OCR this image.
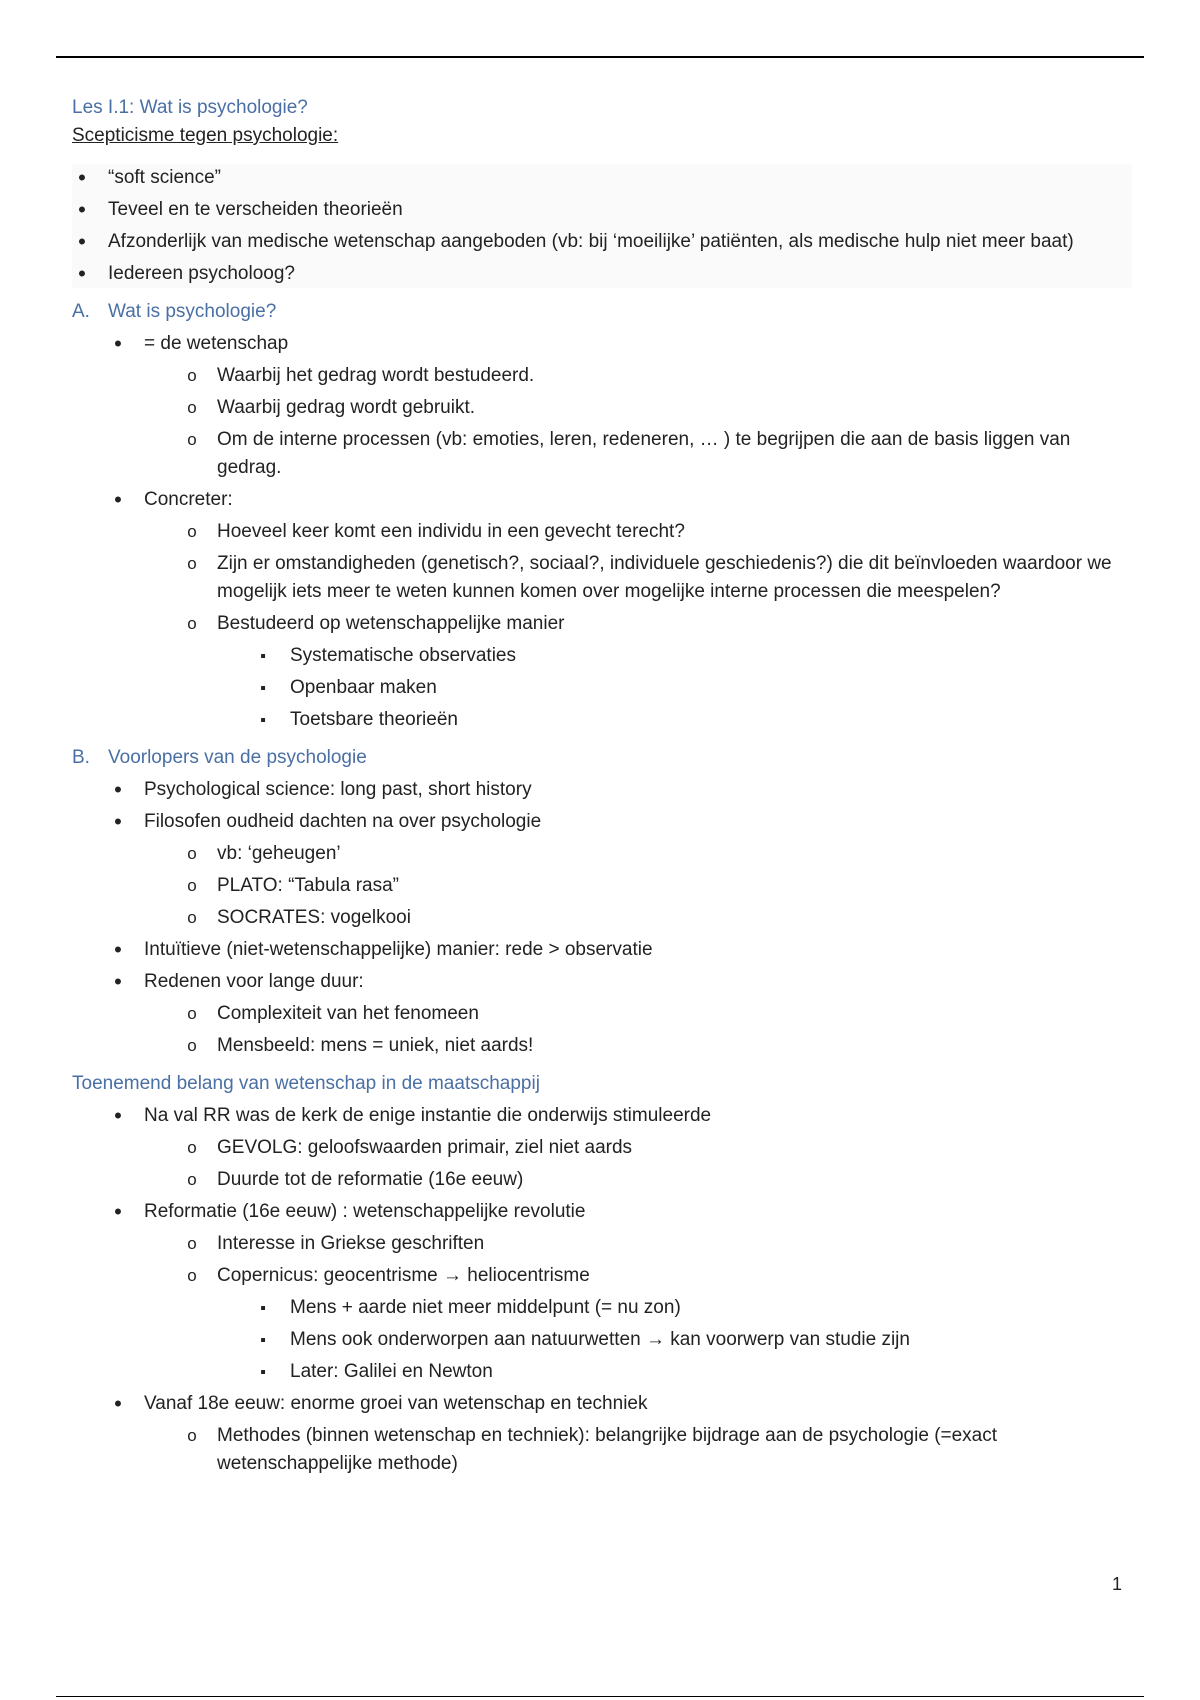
Les I.1: Wat is psychologie?

Scepticisme tegen psychologie:

•
“soft science”
•
Teveel en te verscheiden theorieën
•
Afzonderlijk van medische wetenschap aangeboden (vb: bij ‘moeilijke’ patiënten, als medische hulp niet meer baat)
•
Iedereen psycholoog?
A. Wat is psychologie?
•
= de wetenschap
o
Waarbij het gedrag wordt bestudeerd.
o
Waarbij gedrag wordt gebruikt.
o
Om de interne processen (vb: emoties, leren, redeneren, … ) te begrijpen die aan de basis liggen van gedrag.
•
Concreter:
o
Hoeveel keer komt een individu in een gevecht terecht?
o
Zijn er omstandigheden (genetisch?, sociaal?, individuele geschiedenis?) die dit beïnvloeden waardoor we mogelijk iets meer te weten kunnen komen over mogelijke interne processen die meespelen?
o
Bestudeerd op wetenschappelijke manier
▪
Systematische observaties
▪
Openbaar maken
▪
Toetsbare theorieën
B. Voorlopers van de psychologie
•
Psychological science: long past, short history
•
Filosofen oudheid dachten na over psychologie
o
vb: ‘geheugen’
o
PLATO: “Tabula rasa”
o
SOCRATES: vogelkooi
•
Intuïtieve (niet-wetenschappelijke) manier: rede > observatie
•
Redenen voor lange duur:
o
Complexiteit van het fenomeen
o
Mensbeeld: mens = uniek, niet aards!

Toenemend belang van wetenschap in de maatschappij

•
Na val RR was de kerk de enige instantie die onderwijs stimuleerde
o
GEVOLG: geloofswaarden primair, ziel niet aards
o
Duurde tot de reformatie (16e eeuw)
•
Reformatie (16e eeuw) : wetenschappelijke revolutie
o
Interesse in Griekse geschriften
o
Copernicus: geocentrisme → heliocentrisme
▪
Mens + aarde niet meer middelpunt (= nu zon)
▪
Mens ook onderworpen aan natuurwetten → kan voorwerp van studie zijn
▪
Later: Galilei en Newton
•
Vanaf 18e eeuw: enorme groei van wetenschap en techniek
o
Methodes (binnen wetenschap en techniek): belangrijke bijdrage aan de psychologie (=exact wetenschappelijke methode)
1
